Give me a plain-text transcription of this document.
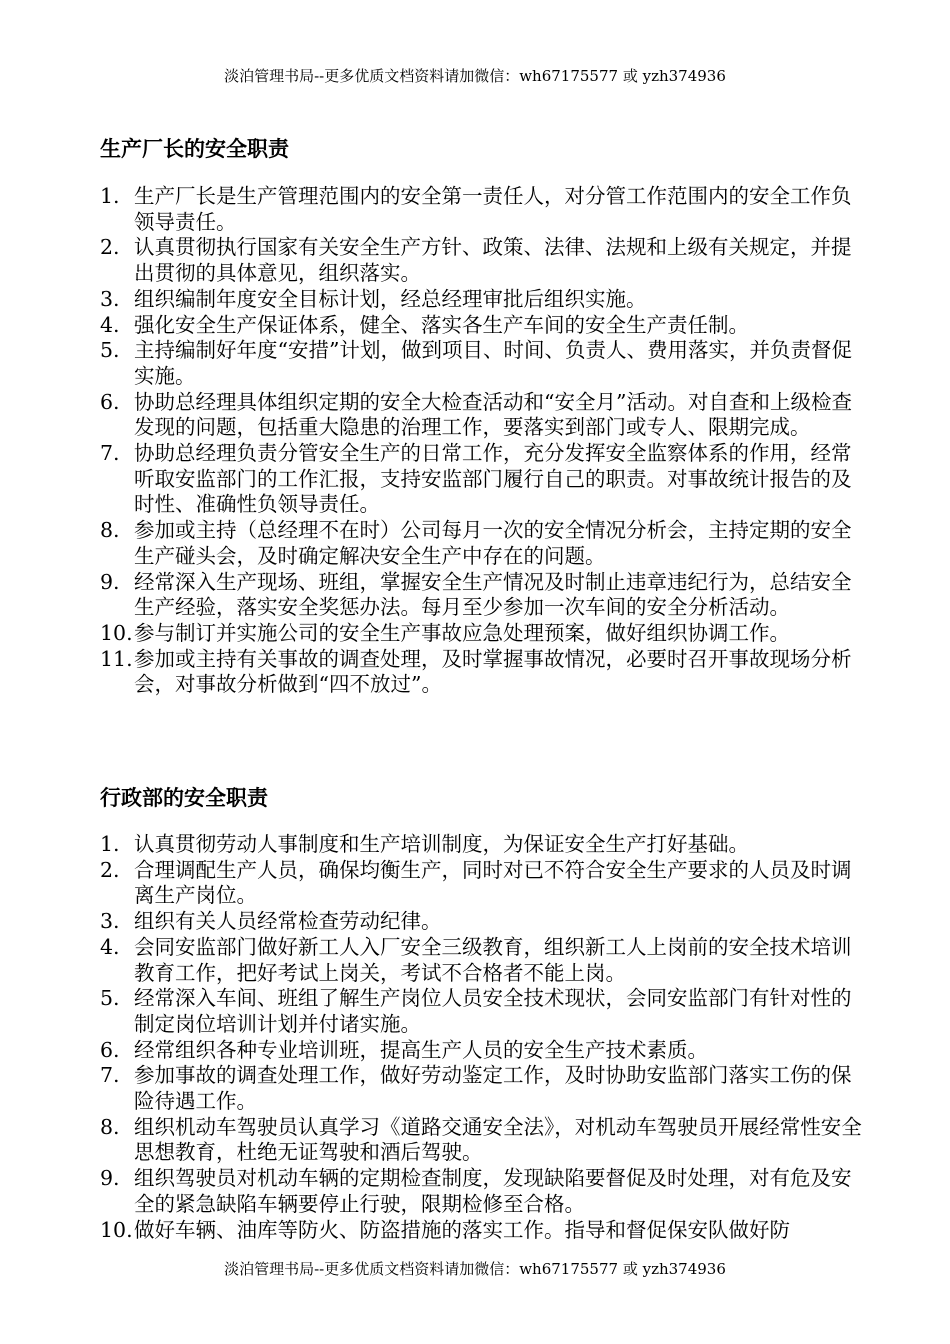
淡泊管理书局--更多优质文档资料请加微信：wh67175577 或 yzh374936
生产厂长的安全职责
1. 生产厂长是生产管理范围内的安全第一责任人，对分管工作范围内的安全工作负领导责任。
2. 认真贯彻执行国家有关安全生产方针、政策、法律、法规和上级有关规定，并提出贯彻的具体意见，组织落实。
3. 组织编制年度安全目标计划，经总经理审批后组织实施。
4. 强化安全生产保证体系，健全、落实各生产车间的安全生产责任制。
5. 主持编制好年度“安措”计划，做到项目、时间、负责人、费用落实，并负责督促实施。
6. 协助总经理具体组织定期的安全大检查活动和“安全月”活动。对自查和上级检查发现的问题，包括重大隐患的治理工作，要落实到部门或专人、限期完成。
7. 协助总经理负责分管安全生产的日常工作，充分发挥安全监察体系的作用，经常听取安监部门的工作汇报，支持安监部门履行自己的职责。对事故统计报告的及时性、准确性负领导责任。
8. 参加或主持（总经理不在时）公司每月一次的安全情况分析会，主持定期的安全生产碰头会，及时确定解决安全生产中存在的问题。
9. 经常深入生产现场、班组，掌握安全生产情况及时制止违章违纪行为，总结安全生产经验，落实安全奖惩办法。每月至少参加一次车间的安全分析活动。
10. 参与制订并实施公司的安全生产事故应急处理预案，做好组织协调工作。
11. 参加或主持有关事故的调查处理，及时掌握事故情况，必要时召开事故现场分析会，对事故分析做到“四不放过”。
行政部的安全职责
1. 认真贯彻劳动人事制度和生产培训制度，为保证安全生产打好基础。
2. 合理调配生产人员，确保均衡生产，同时对已不符合安全生产要求的人员及时调离生产岗位。
3. 组织有关人员经常检查劳动纪律。
4. 会同安监部门做好新工人入厂安全三级教育，组织新工人上岗前的安全技术培训教育工作，把好考试上岗关，考试不合格者不能上岗。
5. 经常深入车间、班组了解生产岗位人员安全技术现状，会同安监部门有针对性的制定岗位培训计划并付诸实施。
6. 经常组织各种专业培训班，提高生产人员的安全生产技术素质。
7. 参加事故的调查处理工作，做好劳动鉴定工作，及时协助安监部门落实工伤的保险待遇工作。
8. 组织机动车驾驶员认真学习《道路交通安全法》，对机动车驾驶员开展经常性安全思想教育，杜绝无证驾驶和酒后驾驶。
9. 组织驾驶员对机动车辆的定期检查制度，发现缺陷要督促及时处理，对有危及安全的紧急缺陷车辆要停止行驶，限期检修至合格。
10. 做好车辆、油库等防火、防盗措施的落实工作。指导和督促保安队做好防
淡泊管理书局--更多优质文档资料请加微信：wh67175577 或 yzh374936
